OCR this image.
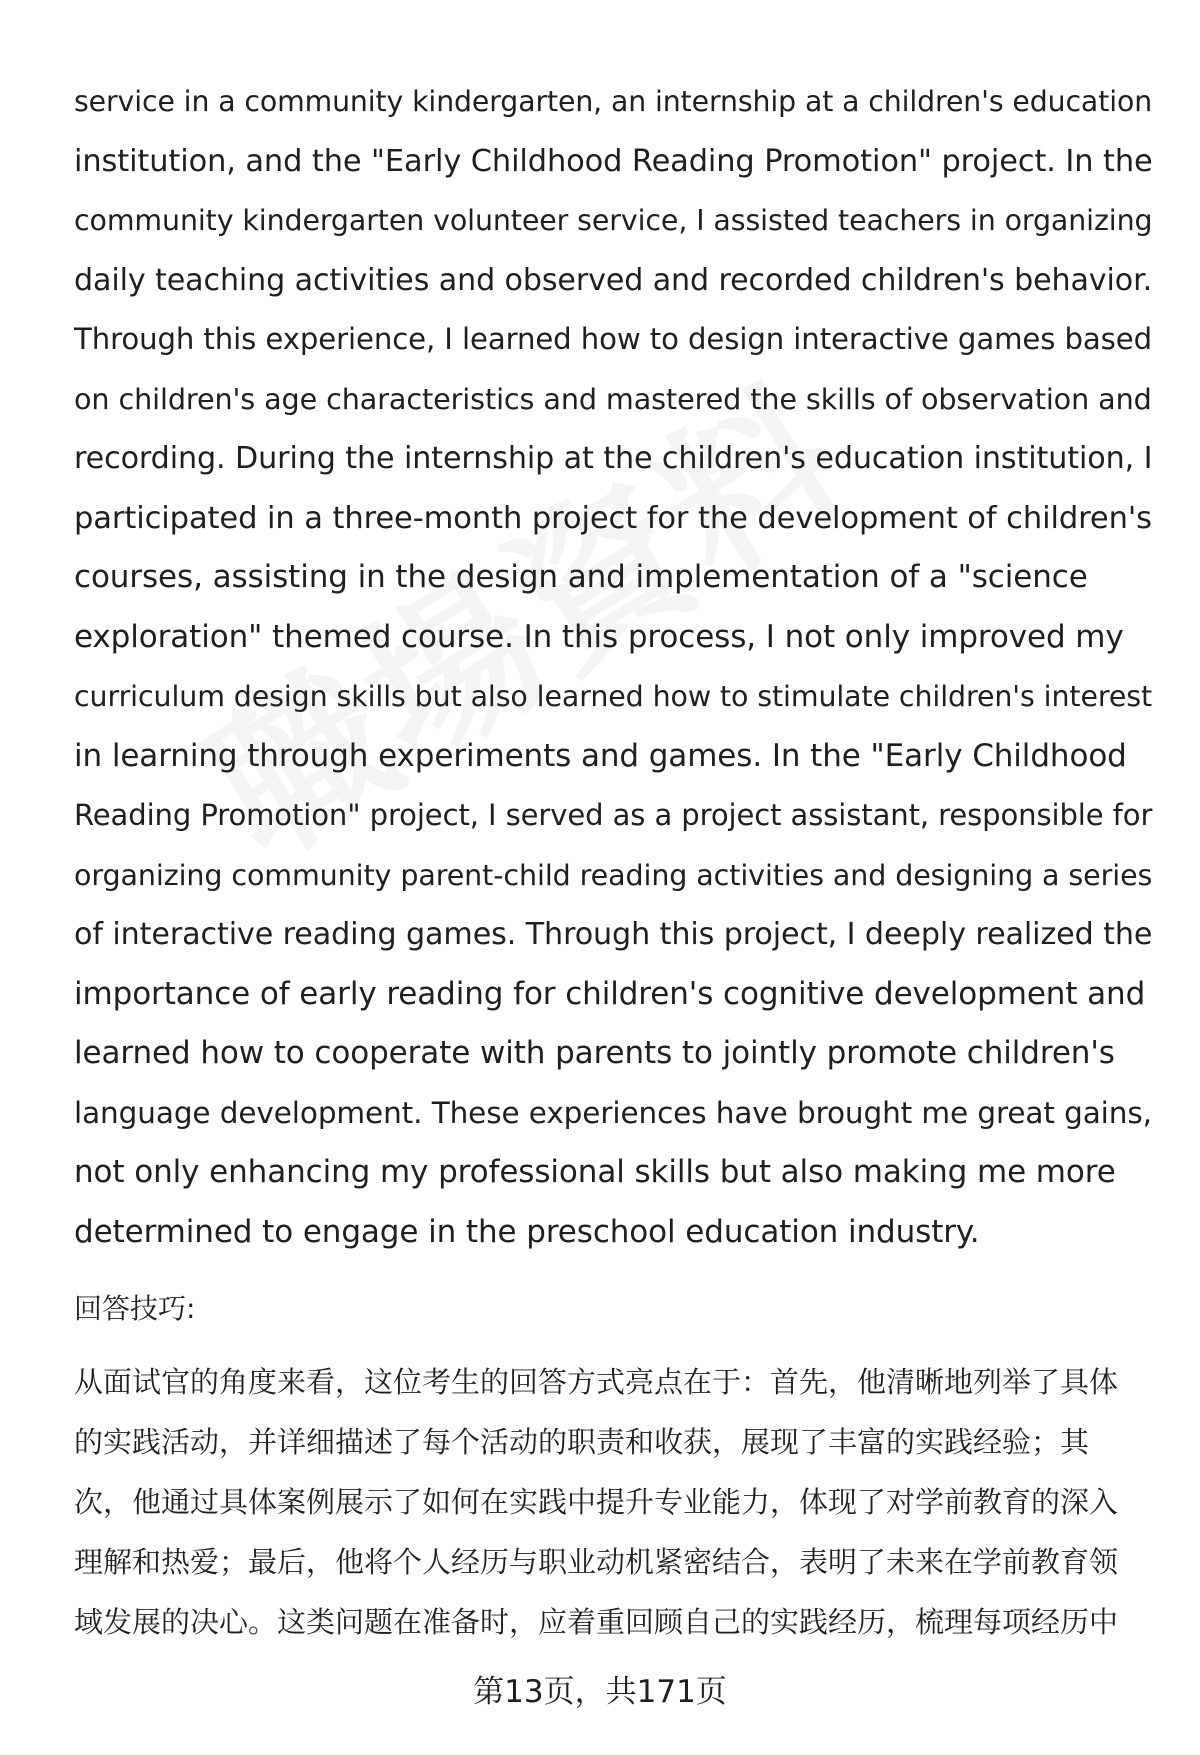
service in a community kindergarten, an internship at a children's education
institution, and the "Early Childhood Reading Promotion" project. In the
community kindergarten volunteer service, I assisted teachers in organizing
daily teaching activities and observed and recorded children's behavior.
Through this experience, I learned how to design interactive games based
on children's age characteristics and mastered the skills of observation and
recording. During the internship at the children's education institution, I
participated in a three-month project for the development of children's
courses, assisting in the design and implementation of a "science
exploration" themed course. In this process, I not only improved my
curriculum design skills but also learned how to stimulate children's interest
in learning through experiments and games. In the "Early Childhood
Reading Promotion" project, I served as a project assistant, responsible for
organizing community parent-child reading activities and designing a series
of interactive reading games. Through this project, I deeply realized the
importance of early reading for children's cognitive development and
learned how to cooperate with parents to jointly promote children's
language development. These experiences have brought me great gains,
not only enhancing my professional skills but also making me more
determined to engage in the preschool education industry.
回答技巧:
从面试官的角度来看，这位考生的回答方式亮点在于：首先，他清晰地列举了具体
的实践活动，并详细描述了每个活动的职责和收获，展现了丰富的实践经验；其
次，他通过具体案例展示了如何在实践中提升专业能力，体现了对学前教育的深入
理解和热爱；最后，他将个人经历与职业动机紧密结合，表明了未来在学前教育领
域发展的决心。这类问题在准备时，应着重回顾自己的实践经历，梳理每项经历中
第13页，共171页
